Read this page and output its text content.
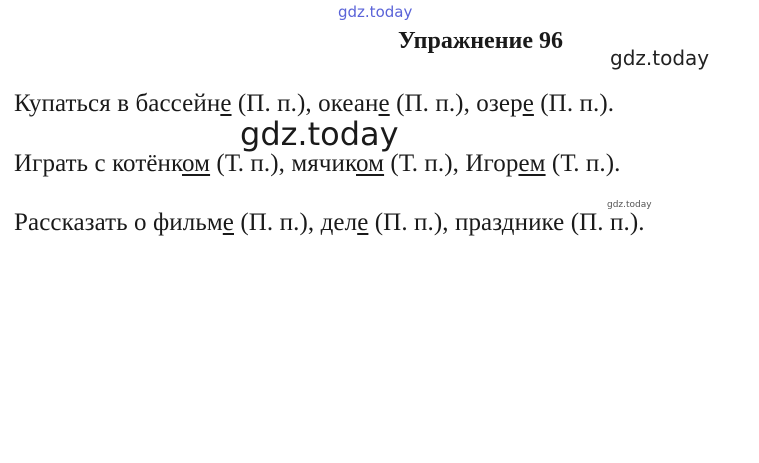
gdz.today
Упражнение 96
gdz.today
Купаться в бассейне (П. п.), океане (П. п.), озере (П. п.).
Играть с котёнком (Т. п.), мячиком (Т. п.), Игорем (Т. п.).
Рассказать о фильме (П. п.), деле (П. п.), празднике (П. п.).
gdz.today
gdz.today
